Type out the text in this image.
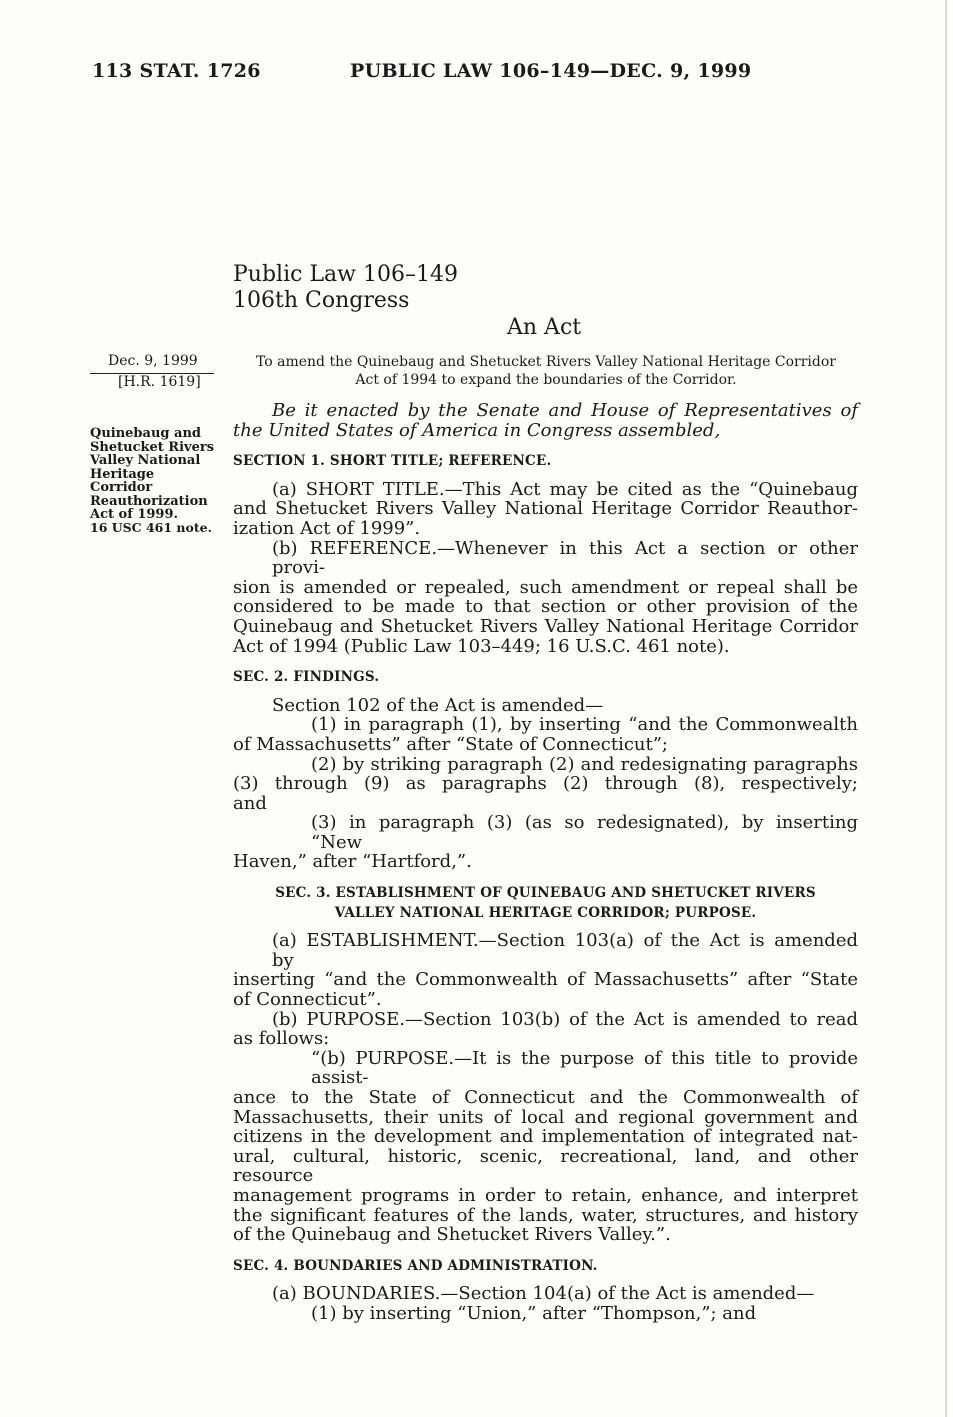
113 STAT. 1726	PUBLIC LAW 106–149—DEC. 9, 1999
Public Law 106–149
106th Congress
An Act
Dec. 9, 1999
[H.R. 1619]
Quinebaug and
Shetucket Rivers
Valley National
Heritage
Corridor
Reauthorization
Act of 1999.
16 USC 461 note.
To amend the Quinebaug and Shetucket Rivers Valley National Heritage Corridor
Act of 1994 to expand the boundaries of the Corridor.
Be it enacted by the Senate and House of Representatives of
the United States of America in Congress assembled,
SECTION 1. SHORT TITLE; REFERENCE.
(a) SHORT TITLE.—This Act may be cited as the “Quinebaug
and Shetucket Rivers Valley National Heritage Corridor Reauthor-
ization Act of 1999”.
(b) REFERENCE.—Whenever in this Act a section or other provi-
sion is amended or repealed, such amendment or repeal shall be
considered to be made to that section or other provision of the
Quinebaug and Shetucket Rivers Valley National Heritage Corridor
Act of 1994 (Public Law 103–449; 16 U.S.C. 461 note).
SEC. 2. FINDINGS.
Section 102 of the Act is amended—
(1) in paragraph (1), by inserting “and the Commonwealth
of Massachusetts” after “State of Connecticut”;
(2) by striking paragraph (2) and redesignating paragraphs
(3) through (9) as paragraphs (2) through (8), respectively;
and
(3) in paragraph (3) (as so redesignated), by inserting “New
Haven,” after “Hartford,”.
SEC. 3. ESTABLISHMENT OF QUINEBAUG AND SHETUCKET RIVERS
VALLEY NATIONAL HERITAGE CORRIDOR; PURPOSE.
(a) ESTABLISHMENT.—Section 103(a) of the Act is amended by
inserting “and the Commonwealth of Massachusetts” after “State
of Connecticut”.
(b) PURPOSE.—Section 103(b) of the Act is amended to read
as follows:
“(b) PURPOSE.—It is the purpose of this title to provide assist-
ance to the State of Connecticut and the Commonwealth of
Massachusetts, their units of local and regional government and
citizens in the development and implementation of integrated nat-
ural, cultural, historic, scenic, recreational, land, and other resource
management programs in order to retain, enhance, and interpret
the significant features of the lands, water, structures, and history
of the Quinebaug and Shetucket Rivers Valley.”.
SEC. 4. BOUNDARIES AND ADMINISTRATION.
(a) BOUNDARIES.—Section 104(a) of the Act is amended—
(1) by inserting “Union,” after “Thompson,”; and
